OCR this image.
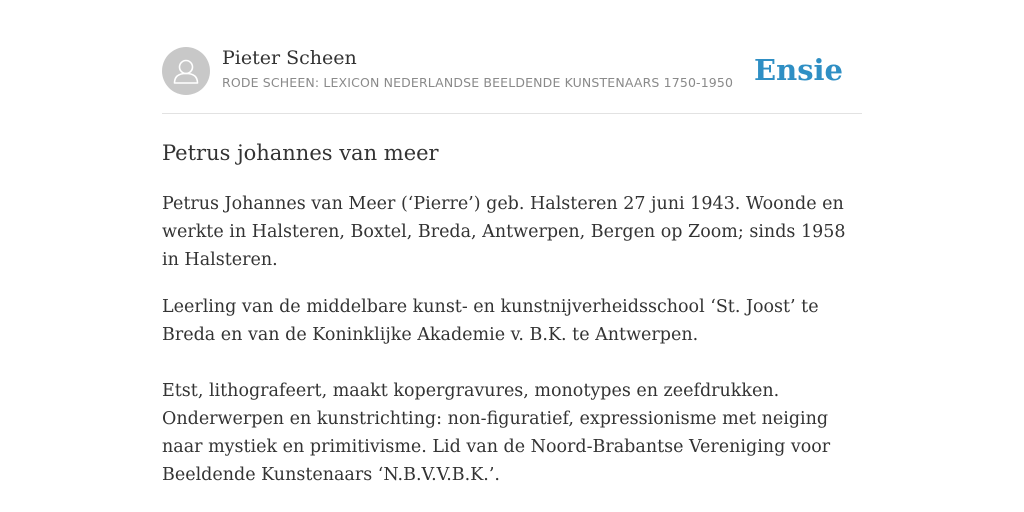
Pieter Scheen
RODE SCHEEN: LEXICON NEDERLANDSE BEELDENDE KUNSTENAARS 1750-1950 Ensie
Petrus johannes van meer

Petrus Johannes van Meer (‘Pierre’) geb. Halsteren 27 juni 1943. Woonde en werkte in Halsteren, Boxtel, Breda, Antwerpen, Bergen op Zoom; sinds 1958 in Halsteren.

Leerling van de middelbare kunst- en kunstnijverheidsschool ‘St. Joost’ te Breda en van de Koninklijke Akademie v. B.K. te Antwerpen.

Etst, lithografeert, maakt kopergravures, monotypes en zeefdrukken. Onderwerpen en kunstrichting: non-figuratief, expressionisme met neiging naar mystiek en primitivisme. Lid van de Noord-Brabantse Vereniging voor Beeldende Kunstenaars ‘N.B.V.V.B.K.’.
